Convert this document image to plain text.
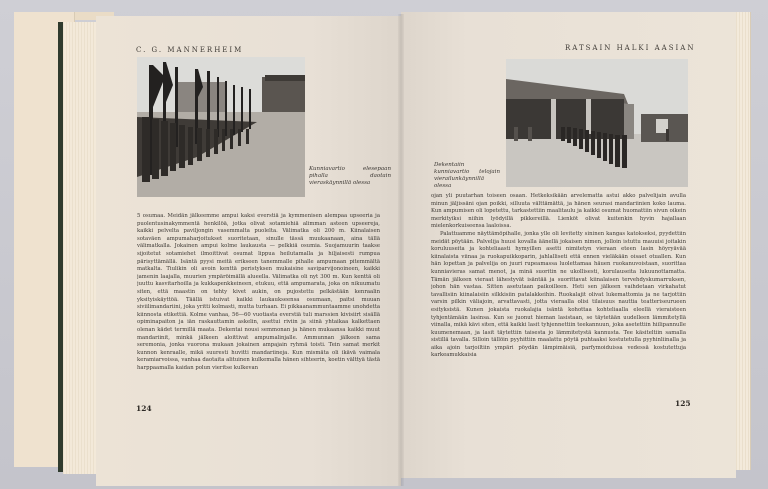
C. G. MANNERHEIM
Kunniavartio elesepaan pihalla daotain vieraskäynnillä olessa

5 osumaa. Meidän jälkeemme ampui kaksi everstiä ja kymmenisen alempaa upseeria ja puolentusinakymmentä henkilöä, jotka olivat sotamiehiä alimman asteen upseereja, kaikki pelvelta paviljongin vasemmalta puolelta. Välimatka oli 200 m. Kiinalaisen sotaväen ampumaharjoitukset suoritetaan, sinulle tässä muukaanaan, aina tällä välimatkalla. Jokainen ampui kolme laukausta — pelkkiä osumia. Suojamuurin taakse sijoitetut sotamiehet ilmoittivat osumat lippua heilutamalla ja hiljaisesti rumpua pärisyttämällä. Isäntä pyysi meitä erikseen tanemmalle pihalle ampumaan pitemmältä matkalta. Tiulikin oli avoin kenttä peristyksen mukaisine saviparvijonoineen, kaikki jamenin laajalla, muurien ympäröimällä alueella. Välimatka oli nyt 300 m. Kun kenttä oli juuttu kasvitarhoilla ja kukkapenkkeineen, etukuu, että ampumarata, joka on nikuumatu siten, että maastin on tehty kivet aukin, on pujostettu pelkästään kenraalin yksityiskäyttöä. Täällä istuivat kaikki laukaukseensa osumaan, paitsi muuan siviilimandariini, joka yritti kolmasti, mutta turhaan. Ei pikkaanammuntaamme unohdetta kiinnosta etikettiä. Kolme vanhaa, 56—60 vuotiasta everstiä tuli marssien kivisiirt sisällä opiminapaiton ja iän raskauttamin askelin, asettui riviin ja siinä yhtaikaa kalkettaen olenan kädet termillä maata. Dekentai nousi semmonan ja hänen mukaansa kaikki muut mandariinit, minkä jälkeen aloittivat ampumalinjalle. Ammunnan jälkeen sama seremonia, jonka vuorona mukaan jokainen ampajain ryhmä toisti. Tein samat merkit kunnon kenraalle, mikä suuresti huvitti mandariineja. Kun mismäta oli ikävä vaimala keramiarvoissa, vanhaa daotaita alituinen kulkemalla hänen sihteerin, koetin välttyä tästä harppaamalla kaidan polun vieritse kulkevan

124
RATSAIN HALKI AASIAN
Dekentaiin kunniavartio telojain vierailunkäynnillä olessa

ojan yli puutarhan toiseen osaan. Hetkeksikään arvelematta astui akko palvelijain avulla minun jäljissäni ojan poikki, silluuta välttämättä, ja hänen seurasi mandariinien koko lauma. Kun ampumisen oli lopetettu, tarkastettiin maalitaulu ja kaikki osumat huomattiin sivun oikein merkityiksi niihin lyödyillä pikkereillä. Lienköt olivat kuitenkin hyvin hajallaan mielenkorkuiseensa laaloissa.

Palattuamme näyttämöpihalle, jonka ylle oli levitetty sininen kangas katokseksi, pyydettiin meidät pöytään. Palvelija huusi kovalla äänellä jokaisen nimen, jolloin istuttu mauuisi joitakin koruluuseita ja kohteliaasti hymyillen asetti nimitetyn vieraan eteen lasin höyryävää kiinalaista viinaa ja ruokapuikkoparin, jahlalliseti että ennen vieläkään oisaet otuallen. Kun hän lopettan ja palvelija on juuri rupeamassa luolettamaa häuen ruokanuvoistaan, suorittaa kunniavieras samat menot, ja minä suoritin ne ukollisesti, korulauseita lukuunottamatta. Tämän jälkeen vieraat lähestyvät isäntää ja suorittavat kiinalaisen tervehdyskumarruksen, johon hän vastaa. Sitten asetutaan paikoilleen. Heti sen jälkeen vaihdetaan virkahatut tavallisiin kiinalaisiin silkkisiin patalakkeihin. Ruokalajit olivat lukemattomia ja ne tarjottiin varsin pilkin väliajoin, arvattavasti, jotta vieraalla olisi tilaisuus nauttia teatteriseurueen esityksistä. Kunen jokaista ruokalajia isäntä kohottaa kohteliaalla eleellä vieraisteen tyhjentämään lasinsa. Kun se juonut hieman lasistaan, se täytetään uudelleen lämmitetyllä viinalla, mikä kävi siten, että kaikki lasit tyhjennettiin teekannuun, joka asetettiin hiilipannulle kuumenemaan, ja lasit täytettiin taisesta jo lämmitetystä kannusta. Tee käsiteltiin samalla sistillä tavalla. Silloin tällöin pyyhittiin maalattu pöytä puhtaaksi kostutetulla pyyhinliinalla ja aika ajoin tarjoiltiin ympäri pöydän lämpimäisiä, parfymoiduissa vedessä kostutettuja karkeamukkaisia

125
